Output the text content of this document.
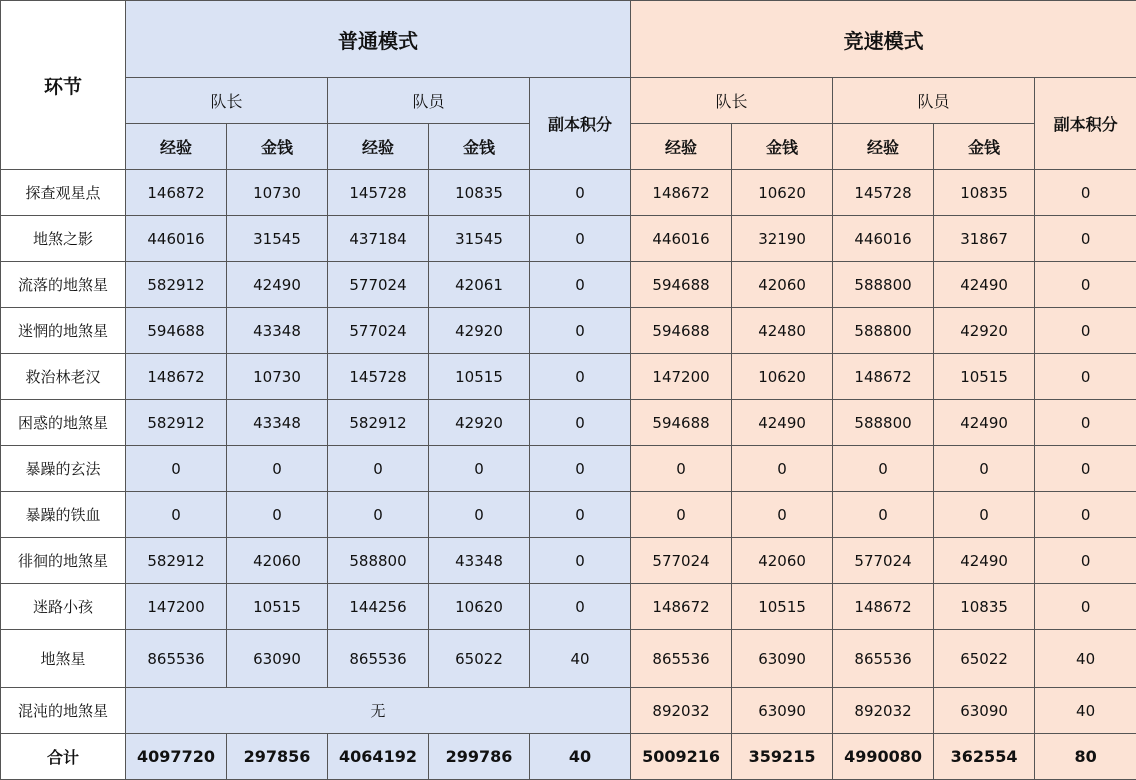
环节	普通模式					竞速模式				
	队长		队员		副本积分	队长		队员		副本积分
	经验	金钱	经验	金钱		经验	金钱	经验	金钱	
探查观星点	146872	10730	145728	10835	0	148672	10620	145728	10835	0
地煞之影	446016	31545	437184	31545	0	446016	32190	446016	31867	0
流落的地煞星	582912	42490	577024	42061	0	594688	42060	588800	42490	0
迷惘的地煞星	594688	43348	577024	42920	0	594688	42480	588800	42920	0
救治林老汉	148672	10730	145728	10515	0	147200	10620	148672	10515	0
困惑的地煞星	582912	43348	582912	42920	0	594688	42490	588800	42490	0
暴躁的玄法	0	0	0	0	0	0	0	0	0	0
暴躁的铁血	0	0	0	0	0	0	0	0	0	0
徘徊的地煞星	582912	42060	588800	43348	0	577024	42060	577024	42490	0
迷路小孩	147200	10515	144256	10620	0	148672	10515	148672	10835	0
地煞星	865536	63090	865536	65022	40	865536	63090	865536	65022	40
混沌的地煞星	无					892032	63090	892032	63090	40
合计	4097720	297856	4064192	299786	40	5009216	359215	4990080	362554	80
